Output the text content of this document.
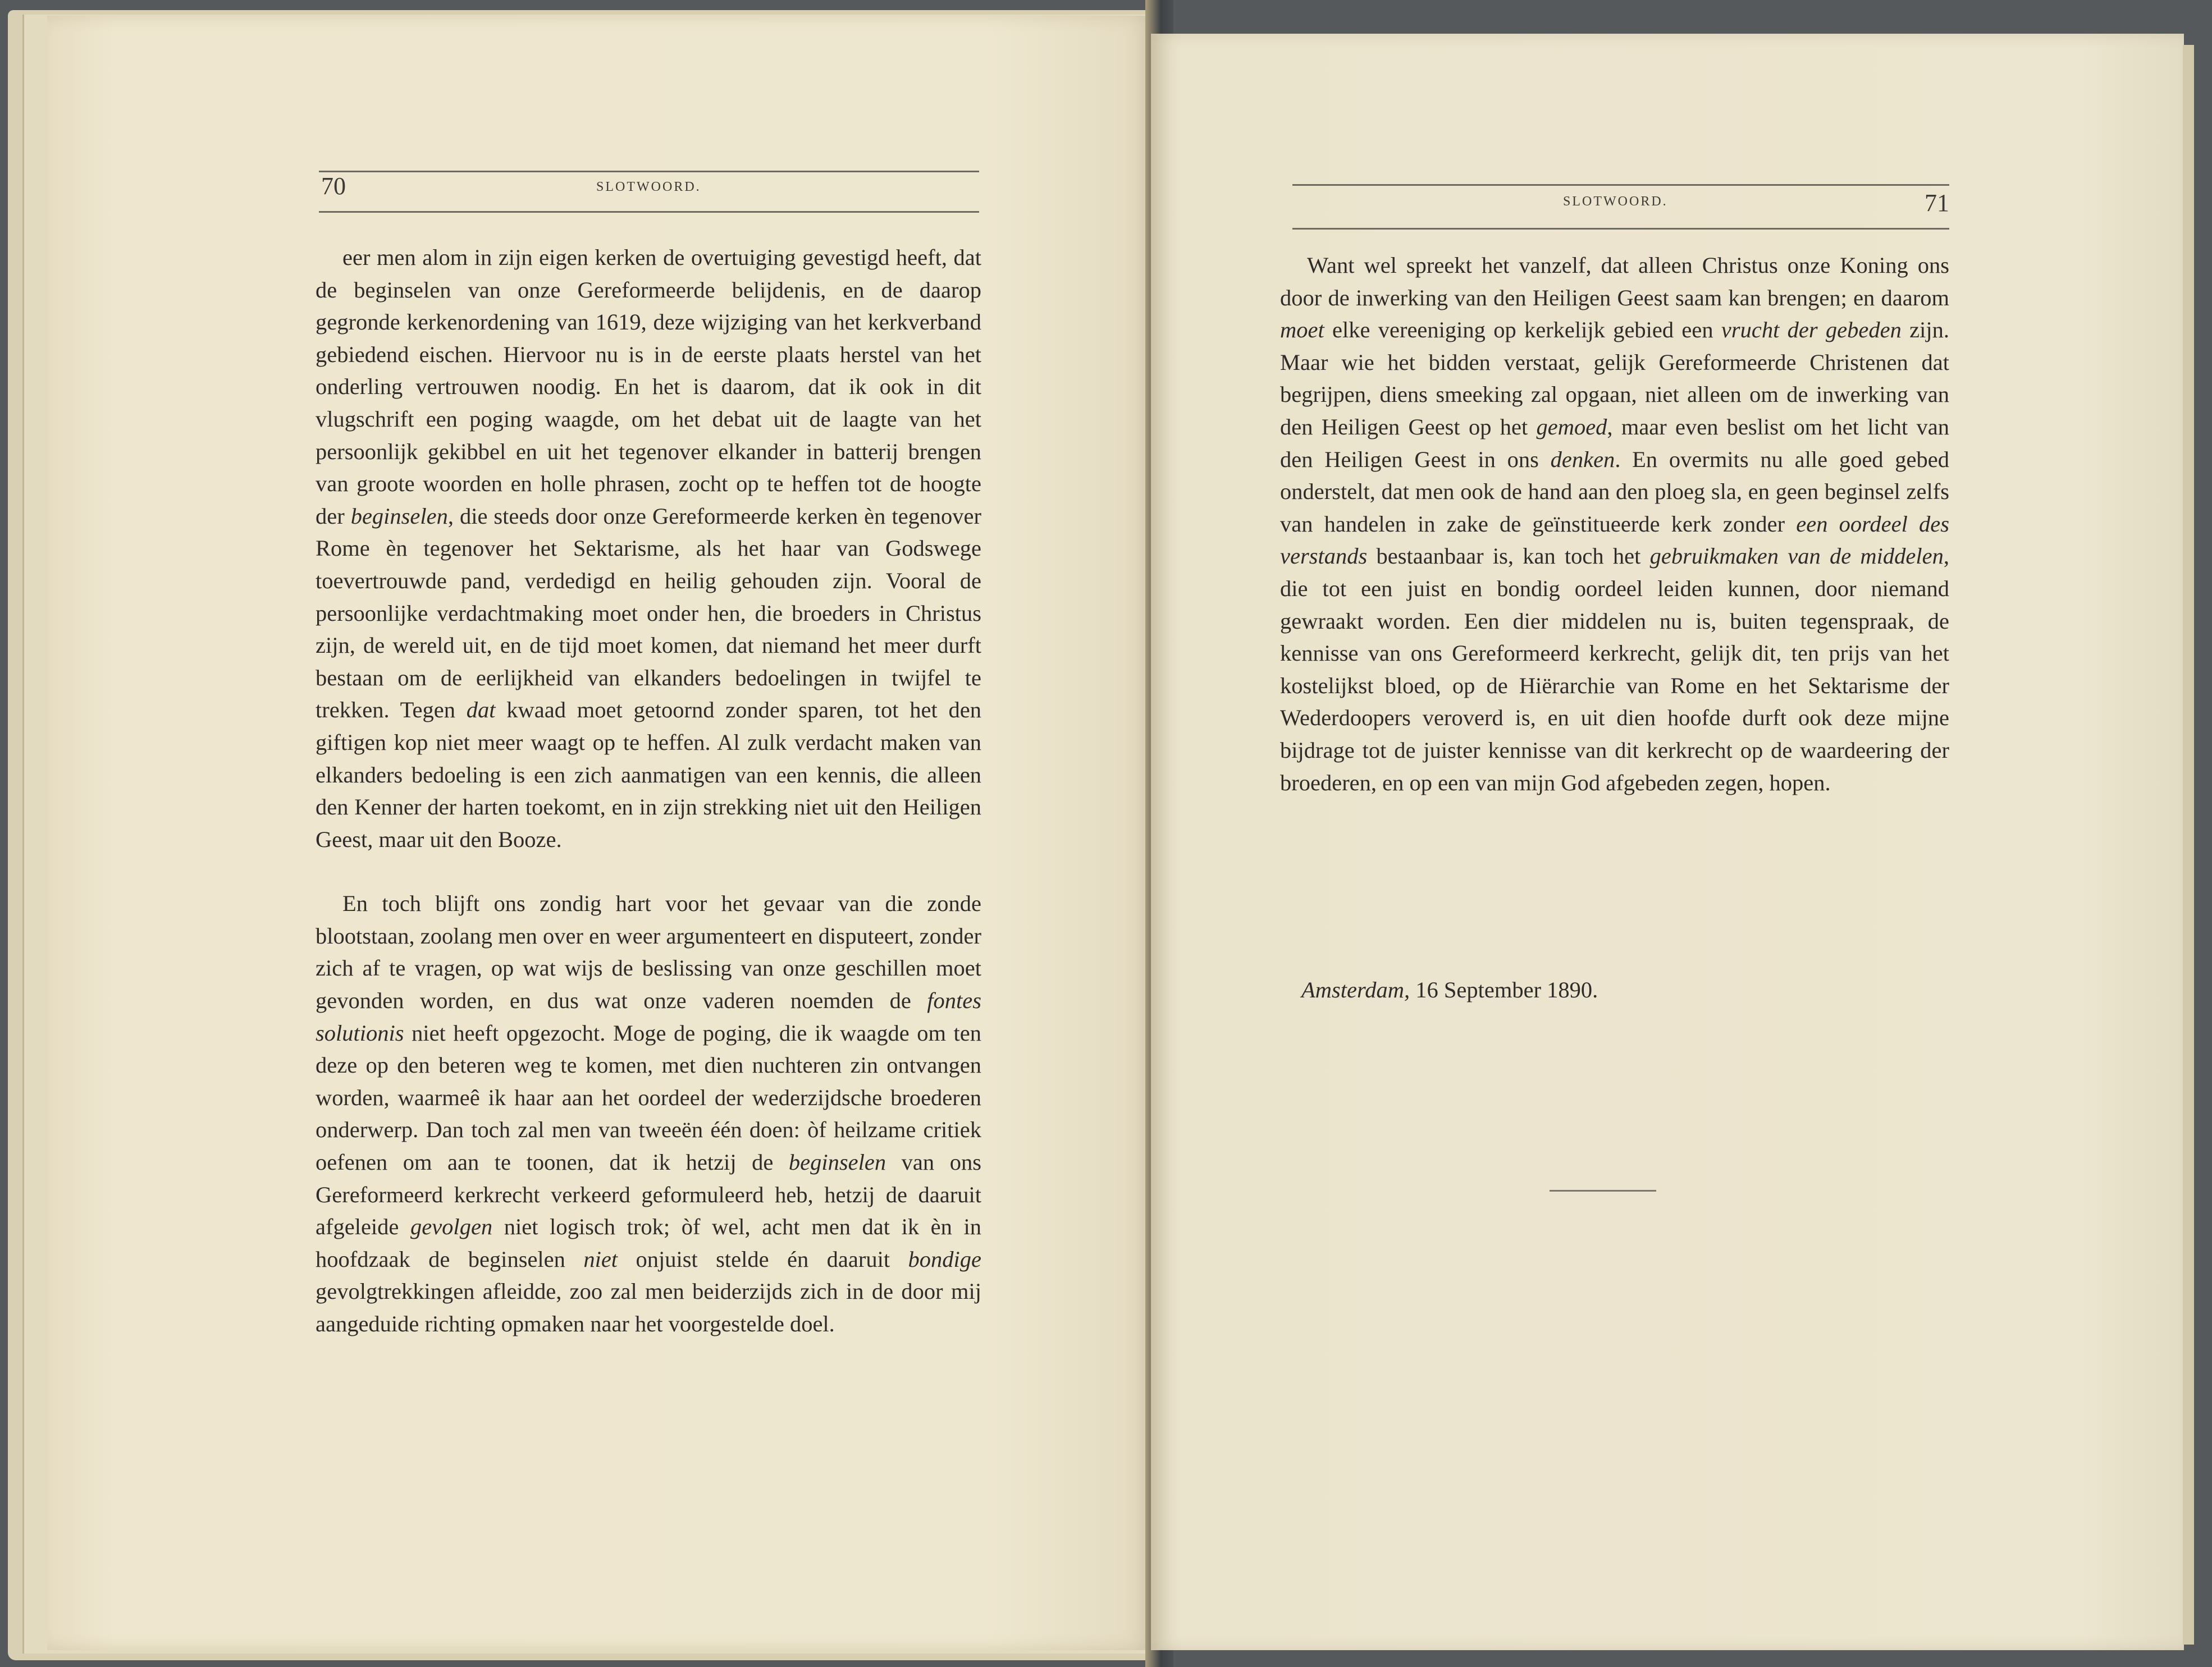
70	SLOTWOORD.

eer men alom in zijn eigen kerken de overtuiging gevestigd heeft, dat de beginselen van onze Gereformeerde belijdenis, en de daarop gegronde kerkenordening van 1619, deze wijziging van het kerkverband gebiedend eischen. Hiervoor nu is in de eerste plaats herstel van het onderling vertrouwen noodig. En het is daarom, dat ik ook in dit vlugschrift een poging waagde, om het debat uit de laagte van het persoonlijk gekibbel en uit het tegenover elkander in batterij brengen van groote woorden en holle phrasen, zocht op te heffen tot de hoogte der beginselen, die steeds door onze Gereformeerde kerken èn tegenover Rome èn tegenover het Sektarisme, als het haar van Godswege toevertrouwde pand, verdedigd en heilig gehouden zijn. Vooral de persoonlijke verdachtmaking moet onder hen, die broeders in Christus zijn, de wereld uit, en de tijd moet komen, dat niemand het meer durft bestaan om de eerlijkheid van elkanders bedoelingen in twijfel te trekken. Tegen dat kwaad moet getoornd zonder sparen, tot het den giftigen kop niet meer waagt op te heffen. Al zulk verdacht maken van elkanders bedoeling is een zich aanmatigen van een kennis, die alleen den Kenner der harten toekomt, en in zijn strekking niet uit den Heiligen Geest, maar uit den Booze.

En toch blijft ons zondig hart voor het gevaar van die zonde blootstaan, zoolang men over en weer argumenteert en disputeert, zonder zich af te vragen, op wat wijs de beslissing van onze geschillen moet gevonden worden, en dus wat onze vaderen noemden de fontes solutionis niet heeft opgezocht. Moge de poging, die ik waagde om ten deze op den beteren weg te komen, met dien nuchteren zin ontvangen worden, waarmeê ik haar aan het oordeel der wederzijdsche broederen onderwerp. Dan toch zal men van tweeën één doen: òf heilzame critiek oefenen om aan te toonen, dat ik hetzij de beginselen van ons Gereformeerd kerkrecht verkeerd geformuleerd heb, hetzij de daaruit afgeleide gevolgen niet logisch trok; òf wel, acht men dat ik èn in hoofdzaak de beginselen niet onjuist stelde én daaruit bondige gevolgtrekkingen afleidde, zoo zal men beiderzijds zich in de door mij aangeduide richting opmaken naar het voorgestelde doel.

SLOTWOORD.	71

Want wel spreekt het vanzelf, dat alleen Christus onze Koning ons door de inwerking van den Heiligen Geest saam kan brengen; en daarom moet elke vereeniging op kerkelijk gebied een vrucht der gebeden zijn. Maar wie het bidden verstaat, gelijk Gereformeerde Christenen dat begrijpen, diens smeeking zal opgaan, niet alleen om de inwerking van den Heiligen Geest op het gemoed, maar even beslist om het licht van den Heiligen Geest in ons denken. En overmits nu alle goed gebed onderstelt, dat men ook de hand aan den ploeg sla, en geen beginsel zelfs van handelen in zake de geïnstitueerde kerk zonder een oordeel des verstands bestaanbaar is, kan toch het gebruikmaken van de middelen, die tot een juist en bondig oordeel leiden kunnen, door niemand gewraakt worden. Een dier middelen nu is, buiten tegenspraak, de kennisse van ons Gereformeerd kerkrecht, gelijk dit, ten prijs van het kostelijkst bloed, op de Hiërarchie van Rome en het Sektarisme der Wederdoopers veroverd is, en uit dien hoofde durft ook deze mijne bijdrage tot de juister kennisse van dit kerkrecht op de waardeering der broederen, en op een van mijn God afgebeden zegen, hopen.

Amsterdam, 16 September 1890.
